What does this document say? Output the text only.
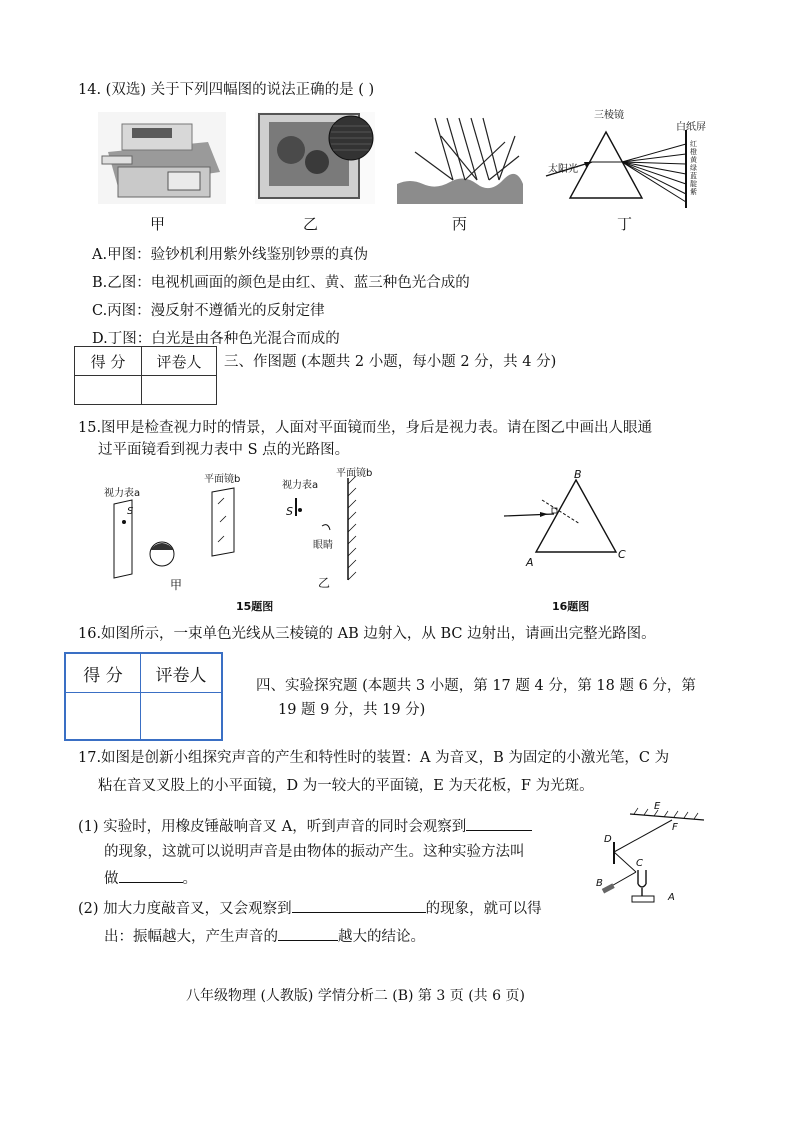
14. (双选) 关于下列四幅图的说法正确的是 ( )
甲	乙	丙
三棱镜
白纸屏
太阳光
红橙黄绿蓝靛紫
丁
A.甲图：验钞机利用紫外线鉴别钞票的真伪
B.乙图：电视机画面的颜色是由红、黄、蓝三种色光合成的
C.丙图：漫反射不遵循光的反射定律
D.丁图：白光是由各种色光混合而成的
得 分	评卷人
	三、作图题 (本题共 2 小题，每小题 2 分，共 4 分)
15.图甲是检查视力时的情景，人面对平面镜而坐，身后是视力表。请在图乙中画出人眼通
过平面镜看到视力表中 S 点的光路图。
视力表a
S
平面镜b
甲
视力表a
平面镜b
S
眼睛
乙
15题图
B
A
C
16题图
16.如图所示，一束单色光线从三棱镜的 AB 边射入，从 BC 边射出，请画出完整光路图。
得 分	评卷人

四、实验探究题 (本题共 3 小题，第 17 题 4 分，第 18 题 6 分，第
19 题 9 分，共 19 分)
17.如图是创新小组探究声音的产生和特性时的装置：A 为音叉，B 为固定的小激光笔，C 为
粘在音叉叉股上的小平面镜，D 为一较大的平面镜，E 为天花板，F 为光斑。
(1) 实验时，用橡皮锤敲响音叉 A，听到声音的同时会观察到
的现象，这就可以说明声音是由物体的振动产生。这种实验方法叫
做	。
(2) 加大力度敲音叉，又会观察到	的现象，就可以得
出：振幅越大，产生声音的	越大的结论。
E
F
D
C
B
A
八年级物理 (人教版) 学情分析二 (B) 第 3 页 (共 6 页)
